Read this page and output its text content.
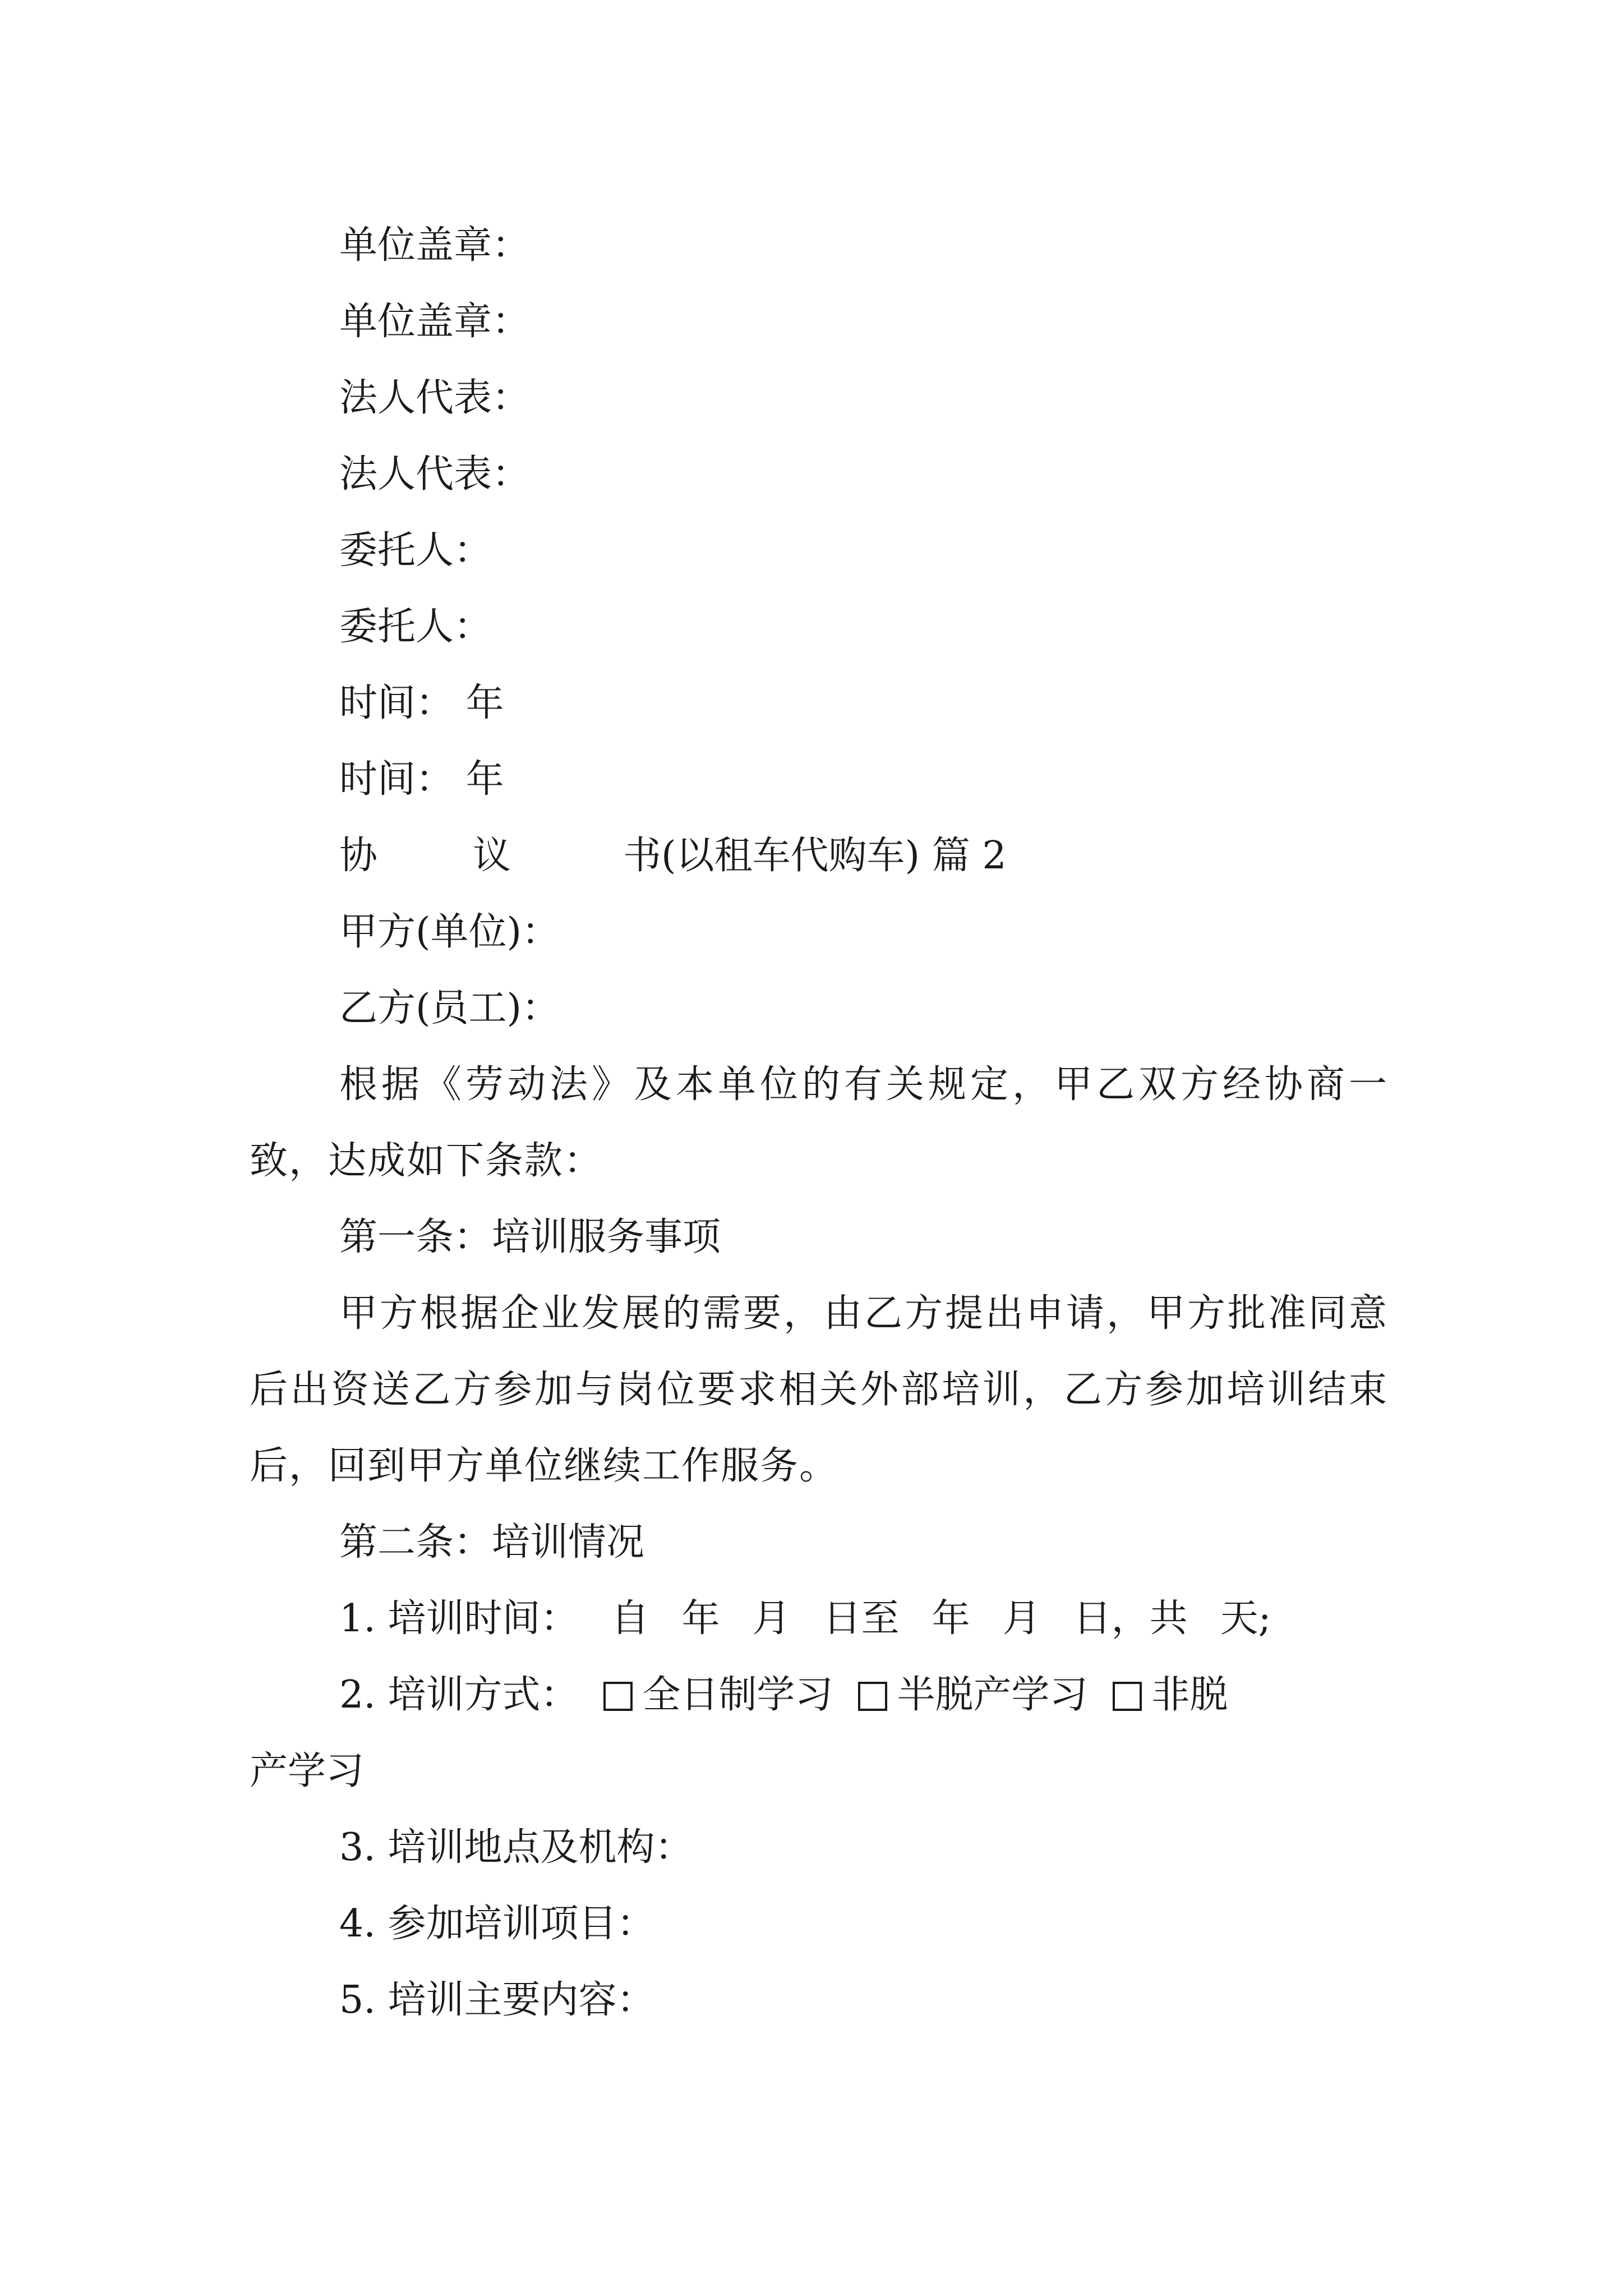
单位盖章：
单位盖章：
法人代表：
法人代表：
委托人：
委托人：
时间： 年
时间： 年
协	议	书(以租车代购车) 篇 2
甲方(单位)：
乙方(员工)：
根据《劳动法》及本单位的有关规定，甲乙双方经协商一致，达成如下条款：
第一条：培训服务事项
甲方根据企业发展的需要，由乙方提出申请，甲方批准同意后出资送乙方参加与岗位要求相关外部培训，乙方参加培训结束后，回到甲方单位继续工作服务。
第二条：培训情况
1. 培训时间： 自 年 月 日至 年 月 日，共 天;
2. 培训方式： 全日制学习 半脱产学习 非脱
产学习
3. 培训地点及机构：
4. 参加培训项目：
5. 培训主要内容：
